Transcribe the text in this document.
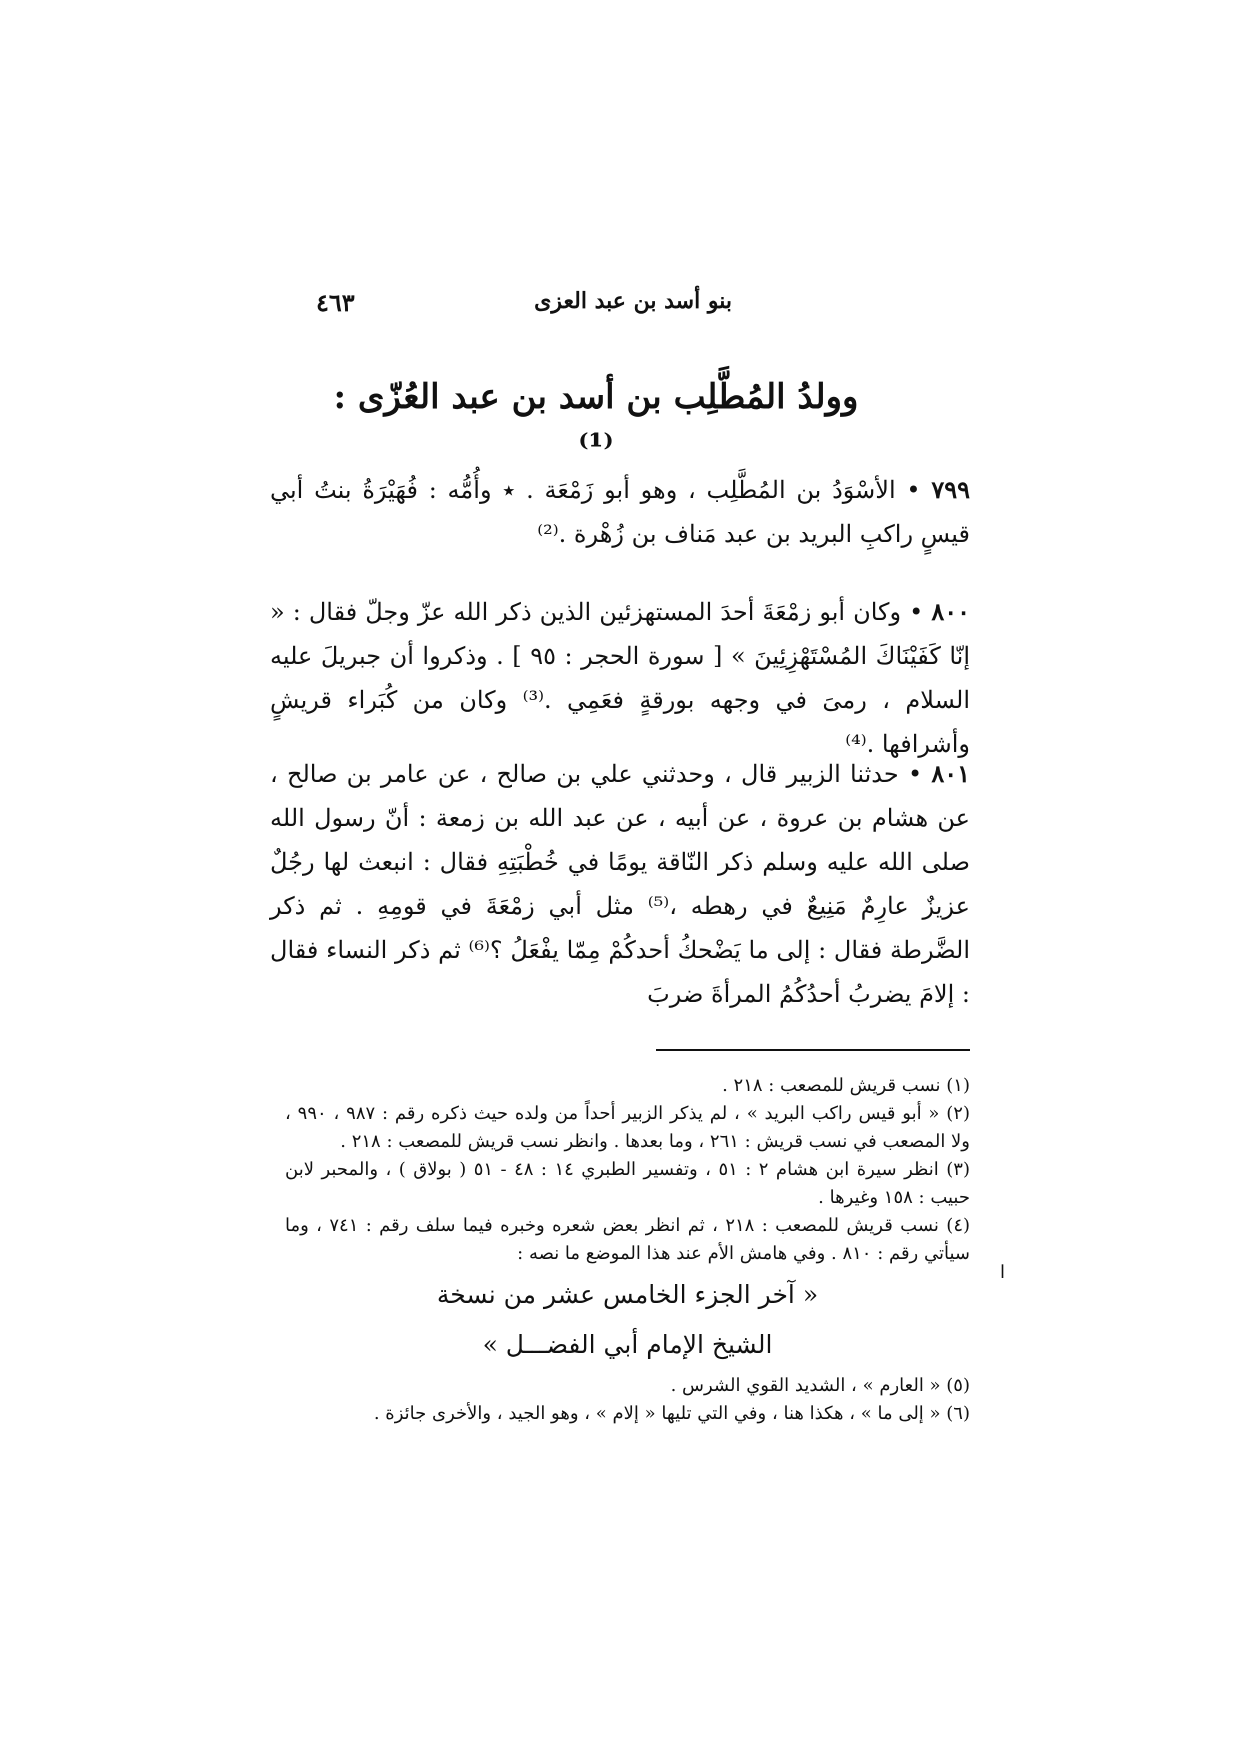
بنو أسد بن عبد العزى
٤٦٣
وولدُ المُطَّلِب بن أسد بن عبد العُزّى :⁽¹⁾
٧٩٩ • الأسْوَدُ بن المُطَّلِب ، وهو أبو زَمْعَة . ٭ وأُمُّه : فُهَيْرَةُ بنتُ أبي قيسٍ راكبِ البريد بن عبد مَناف بن زُهْرة .⁽²⁾
٨٠٠ • وكان أبو زمْعَةَ أحدَ المستهزئين الذين ذكر الله عزّ وجلّ فقال : « إنّا كَفَيْنَاكَ المُسْتَهْزِئِينَ » [ سورة الحجر : ٩٥ ] . وذكروا أن جبريلَ عليه السلام ، رمىَ في وجهه بورقةٍ فعَمِي .⁽³⁾ وكان من كُبَراء قريشٍ وأشرافها .⁽⁴⁾
٨٠١ • حدثنا الزبير قال ، وحدثني علي بن صالح ، عن عامر بن صالح ، عن هشام بن عروة ، عن أبيه ، عن عبد الله بن زمعة : أنّ رسول الله صلى الله عليه وسلم ذكر النّاقة يومًا في خُطْبَتِهِ فقال : انبعث لها رجُلٌ عزيزٌ عارِمٌ مَنِيعٌ في رهطه ،⁽⁵⁾ مثل أبي زمْعَةَ في قومِهِ . ثم ذكر الضَّرطة فقال : إلى ما يَضْحكُ أحدكُمْ مِمّا يفْعَلُ ؟⁽⁶⁾ ثم ذكر النساء فقال : إلامَ يضربُ أحدُكُمُ المرأةَ ضربَ

(١) نسب قريش للمصعب : ٢١٨ .

(٢) « أبو قيس راكب البريد » ، لم يذكر الزبير أحداً من ولده حيث ذكره رقم : ٩٨٧ ، ٩٩٠ ، ولا المصعب في نسب قريش : ٢٦١ ، وما بعدها . وانظر نسب قريش للمصعب : ٢١٨ .

(٣) انظر سيرة ابن هشام ٢ : ٥١ ، وتفسير الطبري ١٤ : ٤٨ - ٥١ ( بولاق ) ، والمحبر لابن حبيب : ١٥٨ وغيرها .

(٤) نسب قريش للمصعب : ٢١٨ ، ثم انظر بعض شعره وخبره فيما سلف رقم : ٧٤١ ، وما سيأتي رقم : ٨١٠ . وفي هامش الأم عند هذا الموضع ما نصه :

« آخر الجزء الخامس عشر من نسخة

الشيخ الإمام أبي الفضـــل »

(٥) « العارم » ، الشديد القوي الشرس .

(٦) « إلى ما » ، هكذا هنا ، وفي التي تليها « إلام » ، وهو الجيد ، والأخرى جائزة .

ا
